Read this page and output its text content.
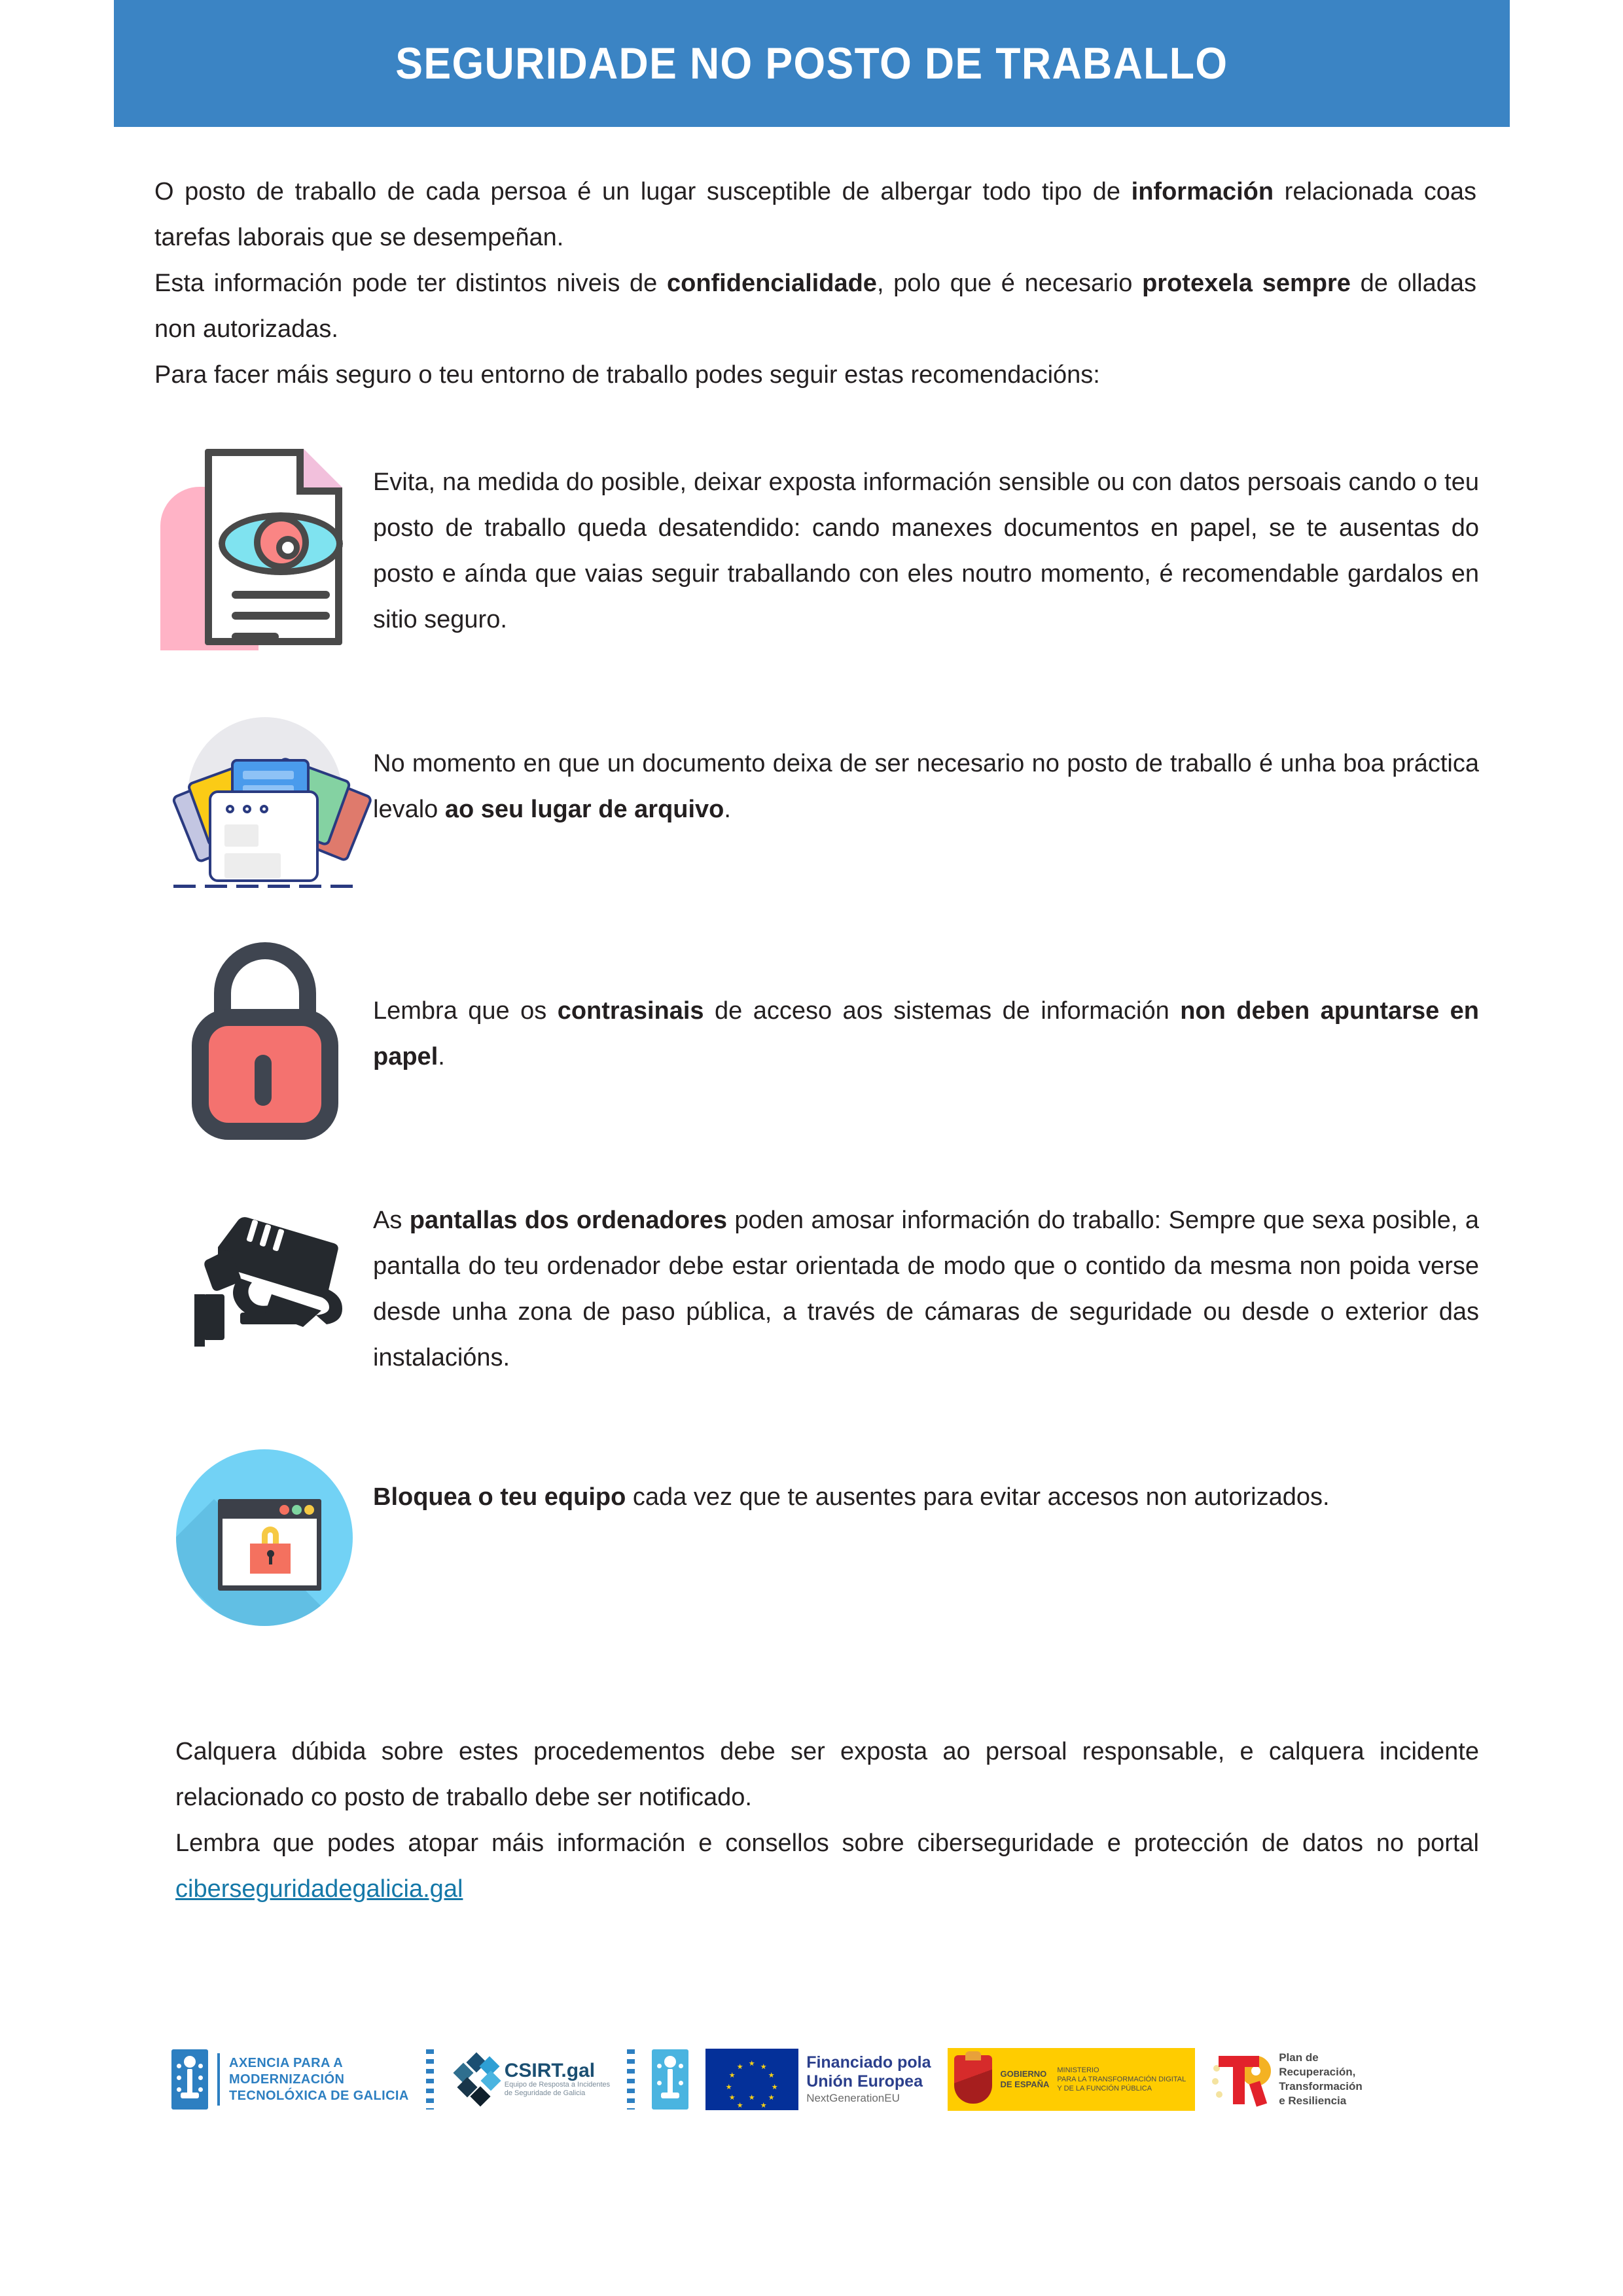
SEGURIDADE NO POSTO DE TRABALLO

O posto de traballo de cada persoa é un lugar susceptible de albergar todo tipo de información relacionada coas tarefas laborais que se desempeñan.

Esta información pode ter distintos niveis de confidencialidade, polo que é necesario protexela sempre de olladas non autorizadas.

Para facer máis seguro o teu entorno de traballo podes seguir estas recomendacións:

Evita, na medida do posible, deixar exposta información sensible ou con datos persoais cando o teu posto de traballo queda desatendido: cando manexes documentos en papel, se te ausentas do posto e aínda que vaias seguir traballando con eles noutro momento, é recomendable gardalos en sitio seguro.
No momento en que un documento deixa de ser necesario no posto de traballo é unha boa práctica levalo ao seu lugar de arquivo.
Lembra que os contrasinais de acceso aos sistemas de información non deben apuntarse en papel.
As pantallas dos ordenadores poden amosar información do traballo: Sempre que sexa posible, a pantalla do teu ordenador debe estar orientada de modo que o contido da mesma non poida verse desde unha zona de paso pública, a través de cámaras de seguridade ou desde o exterior das instalacións.
Bloquea o teu equipo cada vez que te ausentes para evitar accesos non autorizados.

Calquera dúbida sobre estes procedementos debe ser exposta ao persoal responsable, e calquera incidente relacionado co posto de traballo debe ser notificado.

Lembra que podes atopar máis información e consellos sobre ciberseguridade e protección de datos no portal ciberseguridadegalicia.gal

AXENCIA PARA A
MODERNIZACIÓN
TECNOLÓXICA DE GALICIA
CSIRT.gal
Equipo de Resposta a Incidentes
de Seguridade de Galicia
Financiado pola
Unión Europea
NextGenerationEU
GOBIERNO
DE ESPAÑA
MINISTERIO
PARA LA TRANSFORMACIÓN DIGITAL
Y DE LA FUNCIÓN PÚBLICA
Plan de
Recuperación,
Transformación
e Resiliencia
